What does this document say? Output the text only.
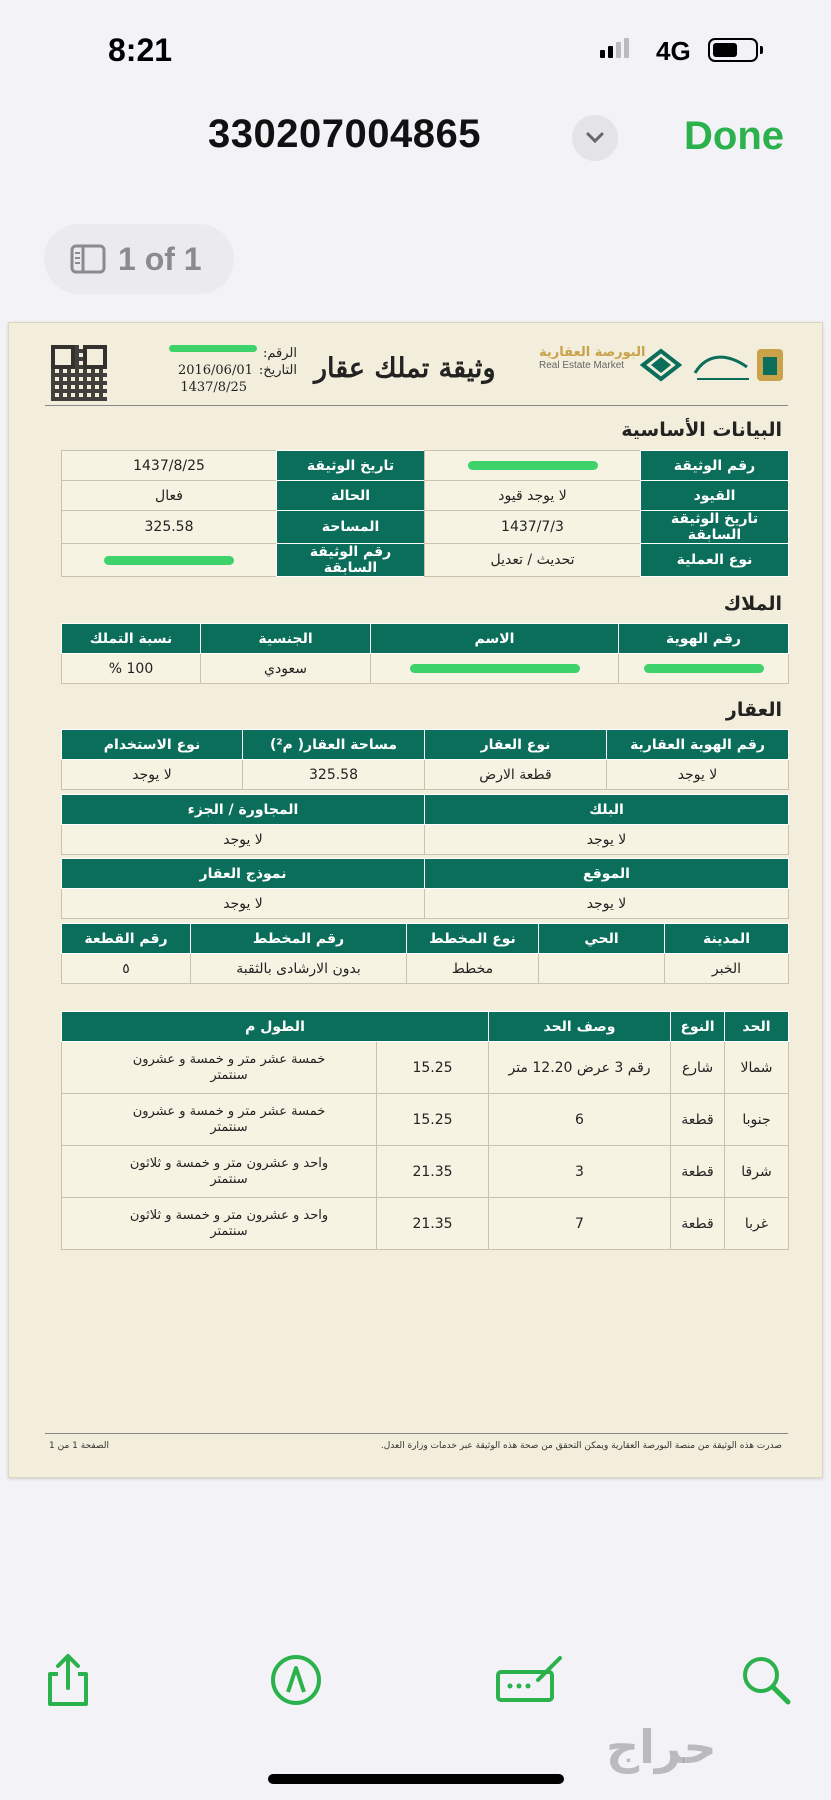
8:21	4G
330207004865	Done
1 of 1
الرقم:
التاريخ:
2016/06/01
1437/8/25
وثيقة تملك عقار
البورصة العقارية
Real Estate Market
البيانات الأساسية
رقم الوثيقة		تاريخ الوثيقة	1437/8/25
القيود	لا يوجد قيود	الحالة	فعال
تاريخ الوثيقة السابقة	1437/7/3	المساحة	325.58
نوع العملية	تحديث / تعديل	رقم الوثيقة السابقة	
الملاك
رقم الهوية	الاسم	الجنسية	نسبة التملك
		سعودي	100 %
العقار
رقم الهوية العقارية	نوع العقار	مساحة العقار( م²)	نوع الاستخدام
لا يوجد	قطعة الارض	325.58	لا يوجد
البلك	المجاورة / الجزء
لا يوجد	لا يوجد
الموقع	نموذج العقار
لا يوجد	لا يوجد
المدينة	الحي	نوع المخطط	رقم المخطط	رقم القطعة
الخبر		مخطط	بدون الارشادى بالثقبة	٥
الحد	النوع	وصف الحد	الطول م	
شمالا	شارع	رقم 3 عرض 12.20 متر	15.25	خمسة عشر متر و خمسة و عشرون سنتمتر
جنوبا	قطعة	6	15.25	خمسة عشر متر و خمسة و عشرون سنتمتر
شرقا	قطعة	3	21.35	واحد و عشرون متر و خمسة و ثلاثون سنتمتر
غربا	قطعة	7	21.35	واحد و عشرون متر و خمسة و ثلاثون سنتمتر
صدرت هذه الوثيقة من منصة البورصة العقارية ويمكن التحقق من صحة هذه الوثيقة عبر خدمات وزارة العدل.
الصفحة 1 من 1
حراج
